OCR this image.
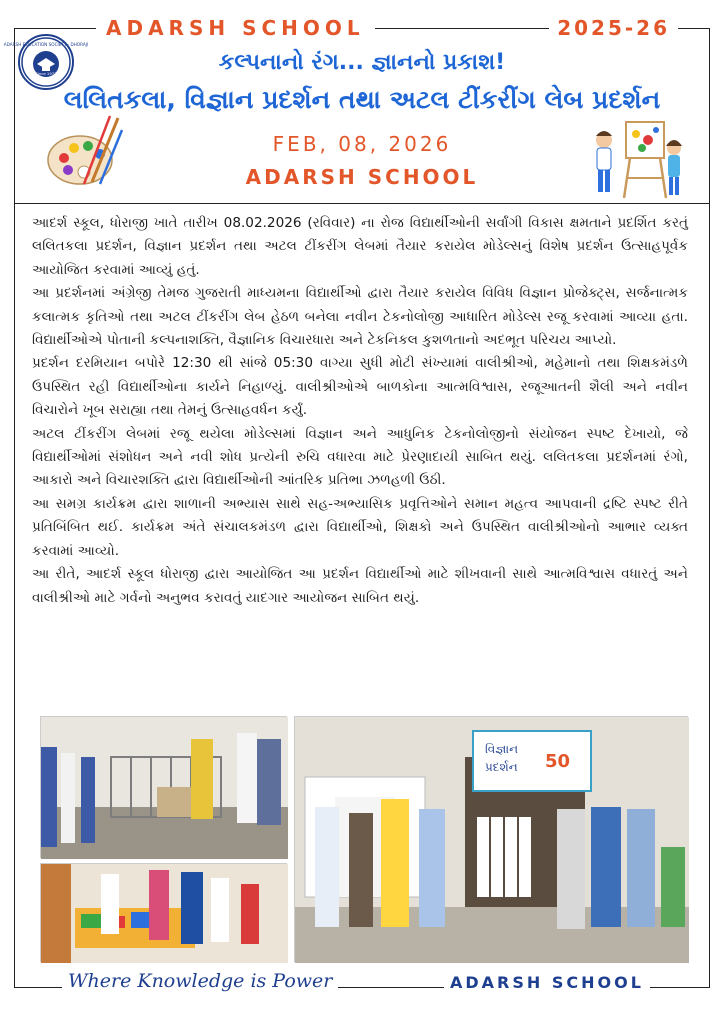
ADARSH SCHOOL	2025-26
ADARSH EDUCATION SOCIETY · DHORAJI
Since 1973	કલ્પનાનો રંગ... જ્ઞાનનો પ્રકાશ!
લલિતકલા, વિજ્ઞાન પ્રદર્શન તથા અટલ ટીંકરીંગ લેબ પ્રદર્શન
FEB, 08, 2026
ADARSH SCHOOL

આદર્શ સ્કૂલ, ધોરાજી ખાતે તારીખ 08.02.2026 (રવિવાર) ના રોજ વિદ્યાર્થીઓની સર્વાંગી વિકાસ ક્ષમતાને પ્રદર્શિત કરતું લલિતકલા પ્રદર્શન, વિજ્ઞાન પ્રદર્શન તથા અટલ ટીંકરીંગ લેબમાં તૈયાર કરાયેલ મોડેલ્સનું વિશેષ પ્રદર્શન ઉત્સાહપૂર્વક આયોજિત કરવામાં આવ્યું હતું.

આ પ્રદર્શનમાં અંગ્રેજી તેમજ ગુજરાતી માધ્યમના વિદ્યાર્થીઓ દ્વારા તૈયાર કરાયેલ વિવિધ વિજ્ઞાન પ્રોજેક્ટ્સ, સર્જનાત્મક કલાત્મક કૃતિઓ તથા અટલ ટીંકરીંગ લેબ હેઠળ બનેલા નવીન ટેકનોલોજી આધારિત મોડેલ્સ રજૂ કરવામાં આવ્યા હતા. વિદ્યાર્થીઓએ પોતાની કલ્પનાશક્તિ, વૈજ્ઞાનિક વિચારધારા અને ટેકનિકલ કુશળતાનો અદભૂત પરિચય આપ્યો.

પ્રદર્શન દરમિયાન બપોરે 12:30 થી સાંજે 05:30 વાગ્યા સુધી મોટી સંખ્યામાં વાલીશ્રીઓ, મહેમાનો તથા શિક્ષકમંડળે ઉપસ્થિત રહી વિદ્યાર્થીઓના કાર્યને નિહાળ્યું. વાલીશ્રીઓએ બાળકોના આત્મવિશ્વાસ, રજૂઆતની શૈલી અને નવીન વિચારોને ખૂબ સરાહ્યા તથા તેમનું ઉત્સાહવર્ધન કર્યું.

અટલ ટીંકરીંગ લેબમાં રજૂ થયેલા મોડેલ્સમાં વિજ્ઞાન અને આધુનિક ટેકનોલોજીનો સંયોજન સ્પષ્ટ દેખાયો, જે વિદ્યાર્થીઓમાં સંશોધન અને નવી શોધ પ્રત્યેની રુચિ વધારવા માટે પ્રેરણાદાયી સાબિત થયું. લલિતકલા પ્રદર્શનમાં રંગો, આકારો અને વિચારશક્તિ દ્વારા વિદ્યાર્થીઓની આંતરિક પ્રતિભા ઝળહળી ઉઠી.

આ સમગ્ર કાર્યક્રમ દ્વારા શાળાની અભ્યાસ સાથે સહ-અભ્યાસિક પ્રવૃત્તિઓને સમાન મહત્વ આપવાની દ્રષ્ટિ સ્પષ્ટ રીતે પ્રતિબિંબિત થઈ. કાર્યક્રમ અંતે સંચાલકમંડળ દ્વારા વિદ્યાર્થીઓ, શિક્ષકો અને ઉપસ્થિત વાલીશ્રીઓનો આભાર વ્યક્ત કરવામાં આવ્યો.

આ રીતે, આદર્શ સ્કૂલ ધોરાજી દ્વારા આયોજિત આ પ્રદર્શન વિદ્યાર્થીઓ માટે શીખવાની સાથે આત્મવિશ્વાસ વધારતું અને વાલીશ્રીઓ માટે ગર્વનો અનુભવ કરાવતું યાદગાર આયોજન સાબિત થયું.

વિજ્ઞાન
પ્રદર્શન 50
Where Knowledge is Power	ADARSH SCHOOL
